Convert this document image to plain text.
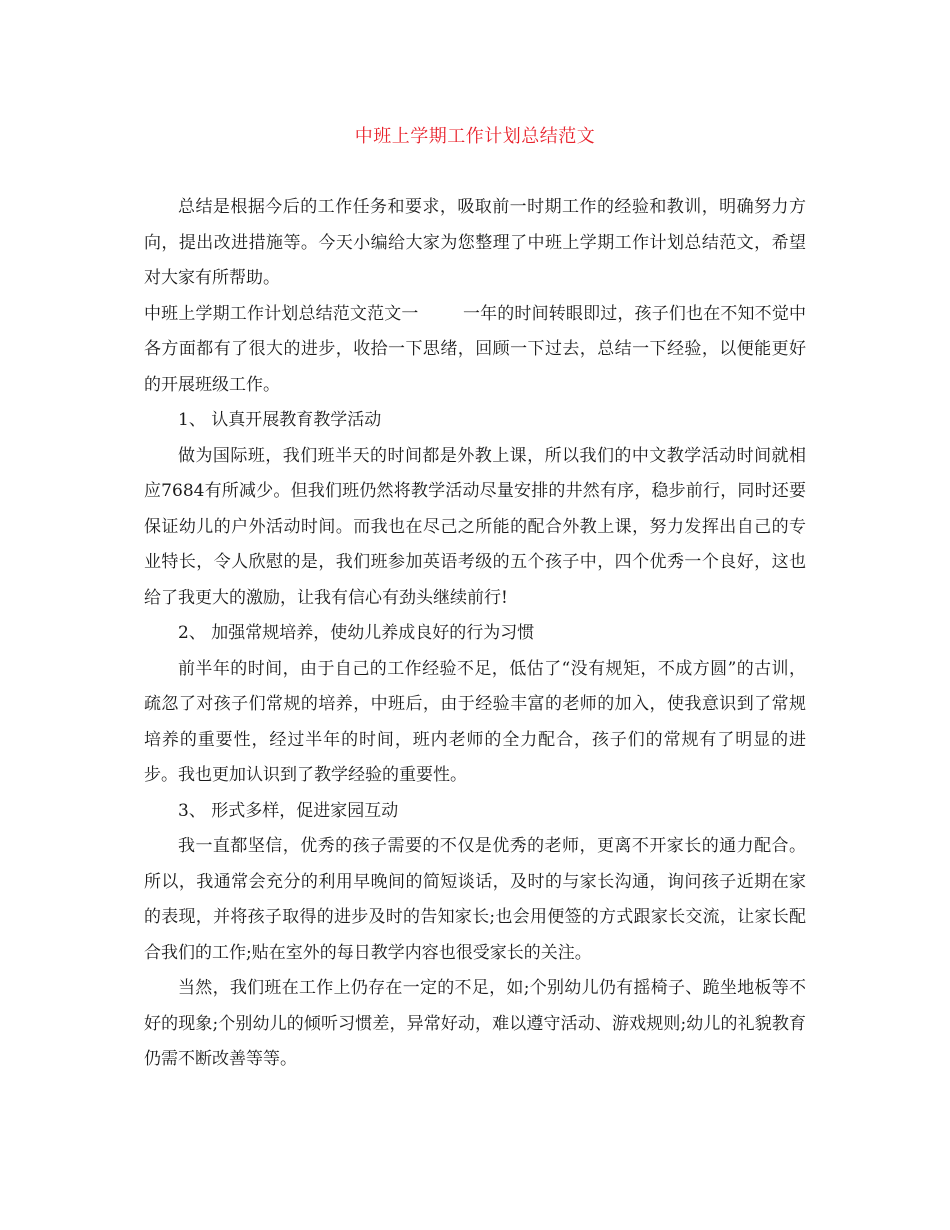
中班上学期工作计划总结范文

总结是根据今后的工作任务和要求，吸取前一时期工作的经验和教训，明确努力方向，提出改进措施等。今天小编给大家为您整理了中班上学期工作计划总结范文，希望对大家有所帮助。

中班上学期工作计划总结范文范文一	一年的时间转眼即过，孩子们也在不知不觉中各方面都有了很大的进步，收拾一下思绪，回顾一下过去，总结一下经验，以便能更好的开展班级工作。

1、 认真开展教育教学活动

做为国际班，我们班半天的时间都是外教上课，所以我们的中文教学活动时间就相应7684有所减少。但我们班仍然将教学活动尽量安排的井然有序，稳步前行，同时还要保证幼儿的户外活动时间。而我也在尽己之所能的配合外教上课，努力发挥出自己的专业特长，令人欣慰的是，我们班参加英语考级的五个孩子中，四个优秀一个良好，这也给了我更大的激励，让我有信心有劲头继续前行!

2、 加强常规培养，使幼儿养成良好的行为习惯

前半年的时间，由于自己的工作经验不足，低估了“没有规矩，不成方圆”的古训，疏忽了对孩子们常规的培养，中班后，由于经验丰富的老师的加入，使我意识到了常规培养的重要性，经过半年的时间，班内老师的全力配合，孩子们的常规有了明显的进步。我也更加认识到了教学经验的重要性。

3、 形式多样，促进家园互动

我一直都坚信，优秀的孩子需要的不仅是优秀的老师，更离不开家长的通力配合。所以，我通常会充分的利用早晚间的简短谈话，及时的与家长沟通，询问孩子近期在家的表现，并将孩子取得的进步及时的告知家长;也会用便签的方式跟家长交流，让家长配合我们的工作;贴在室外的每日教学内容也很受家长的关注。

当然，我们班在工作上仍存在一定的不足，如;个别幼儿仍有摇椅子、跪坐地板等不好的现象;个别幼儿的倾听习惯差，异常好动，难以遵守活动、游戏规则;幼儿的礼貌教育仍需不断改善等等。
